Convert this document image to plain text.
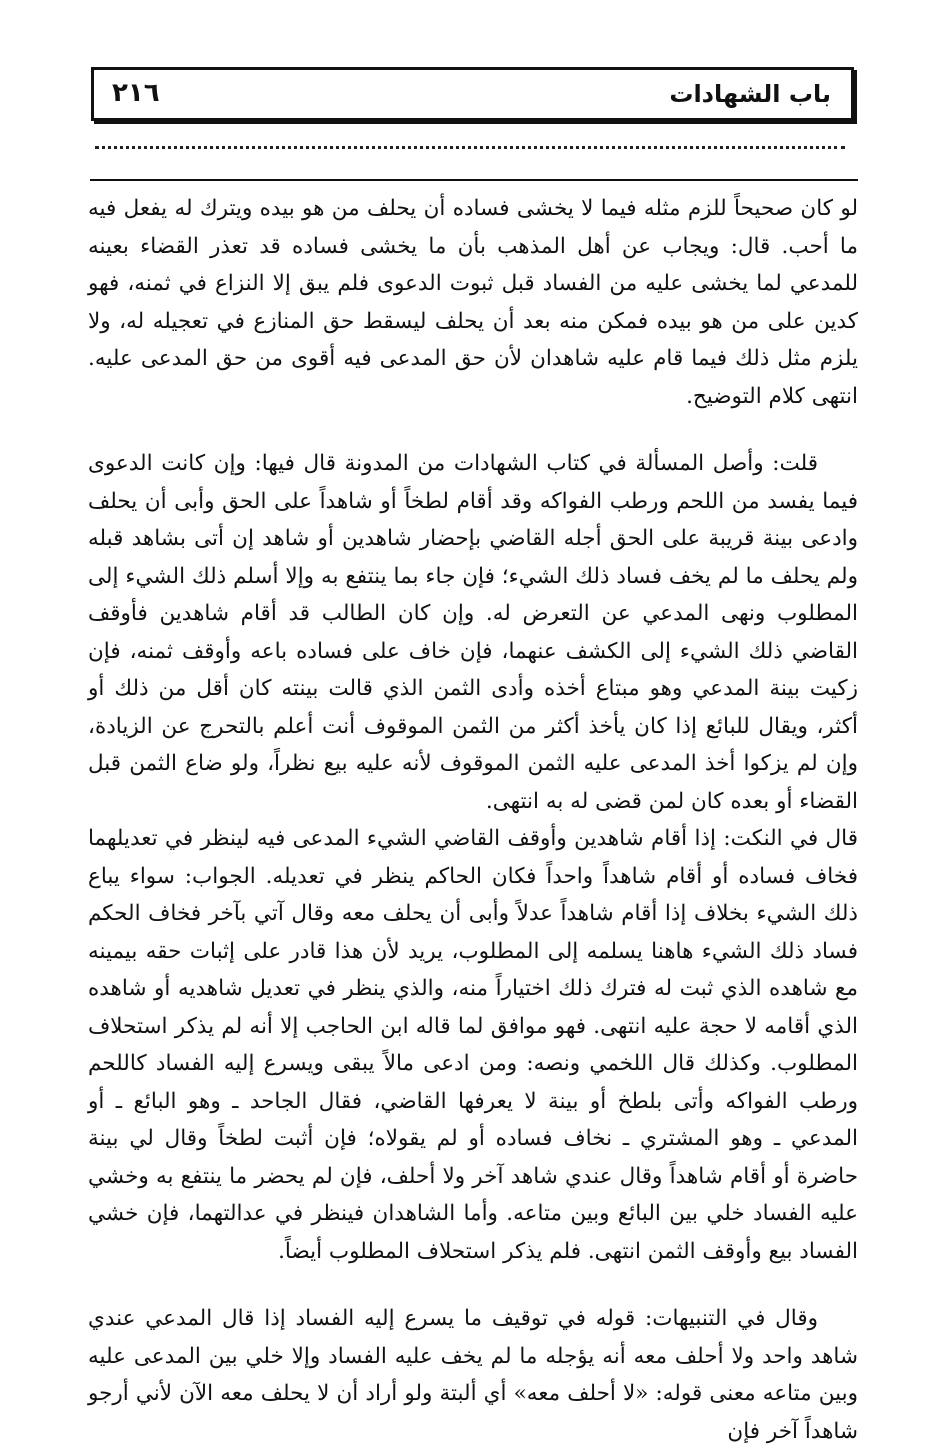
باب الشهادات
٢١٦

لو كان صحيحاً للزم مثله فيما لا يخشى فساده أن يحلف من هو بيده ويترك له يفعل فيه ما أحب. قال: ويجاب عن أهل المذهب بأن ما يخشى فساده قد تعذر القضاء بعينه للمدعي لما يخشى عليه من الفساد قبل ثبوت الدعوى فلم يبق إلا النزاع في ثمنه، فهو كدين على من هو بيده فمكن منه بعد أن يحلف ليسقط حق المنازع في تعجيله له، ولا يلزم مثل ذلك فيما قام عليه شاهدان لأن حق المدعى فيه أقوى من حق المدعى عليه. انتهى كلام التوضيح.

قلت: وأصل المسألة في كتاب الشهادات من المدونة قال فيها: وإن كانت الدعوى فيما يفسد من اللحم ورطب الفواكه وقد أقام لطخاً أو شاهداً على الحق وأبى أن يحلف وادعى بينة قريبة على الحق أجله القاضي بإحضار شاهدين أو شاهد إن أتى بشاهد قبله ولم يحلف ما لم يخف فساد ذلك الشيء؛ فإن جاء بما ينتفع به وإلا أسلم ذلك الشيء إلى المطلوب ونهى المدعي عن التعرض له. وإن كان الطالب قد أقام شاهدين فأوقف القاضي ذلك الشيء إلى الكشف عنهما، فإن خاف على فساده باعه وأوقف ثمنه، فإن زكيت بينة المدعي وهو مبتاع أخذه وأدى الثمن الذي قالت بينته كان أقل من ذلك أو أكثر، ويقال للبائع إذا كان يأخذ أكثر من الثمن الموقوف أنت أعلم بالتحرج عن الزيادة، وإن لم يزكوا أخذ المدعى عليه الثمن الموقوف لأنه عليه بيع نظراً، ولو ضاع الثمن قبل القضاء أو بعده كان لمن قضى له به انتهى.

قال في النكت: إذا أقام شاهدين وأوقف القاضي الشيء المدعى فيه لينظر في تعديلهما فخاف فساده أو أقام شاهداً واحداً فكان الحاكم ينظر في تعديله. الجواب: سواء يباع ذلك الشيء بخلاف إذا أقام شاهداً عدلاً وأبى أن يحلف معه وقال آتي بآخر فخاف الحكم فساد ذلك الشيء هاهنا يسلمه إلى المطلوب، يريد لأن هذا قادر على إثبات حقه بيمينه مع شاهده الذي ثبت له فترك ذلك اختياراً منه، والذي ينظر في تعديل شاهديه أو شاهده الذي أقامه لا حجة عليه انتهى. فهو موافق لما قاله ابن الحاجب إلا أنه لم يذكر استحلاف المطلوب. وكذلك قال اللخمي ونصه: ومن ادعى مالاً يبقى ويسرع إليه الفساد كاللحم ورطب الفواكه وأتى بلطخ أو بينة لا يعرفها القاضي، فقال الجاحد ـ وهو البائع ـ أو المدعي ـ وهو المشتري ـ نخاف فساده أو لم يقولاه؛ فإن أثبت لطخاً وقال لي بينة حاضرة أو أقام شاهداً وقال عندي شاهد آخر ولا أحلف، فإن لم يحضر ما ينتفع به وخشي عليه الفساد خلي بين البائع وبين متاعه. وأما الشاهدان فينظر في عدالتهما، فإن خشي الفساد بيع وأوقف الثمن انتهى. فلم يذكر استحلاف المطلوب أيضاً.

وقال في التنبيهات: قوله في توقيف ما يسرع إليه الفساد إذا قال المدعي عندي شاهد واحد ولا أحلف معه أنه يؤجله ما لم يخف عليه الفساد وإلا خلي بين المدعى عليه وبين متاعه معنى قوله: «لا أحلف معه» أي ألبتة ولو أراد أن لا يحلف معه الآن لأني أرجو شاهداً آخر فإن
